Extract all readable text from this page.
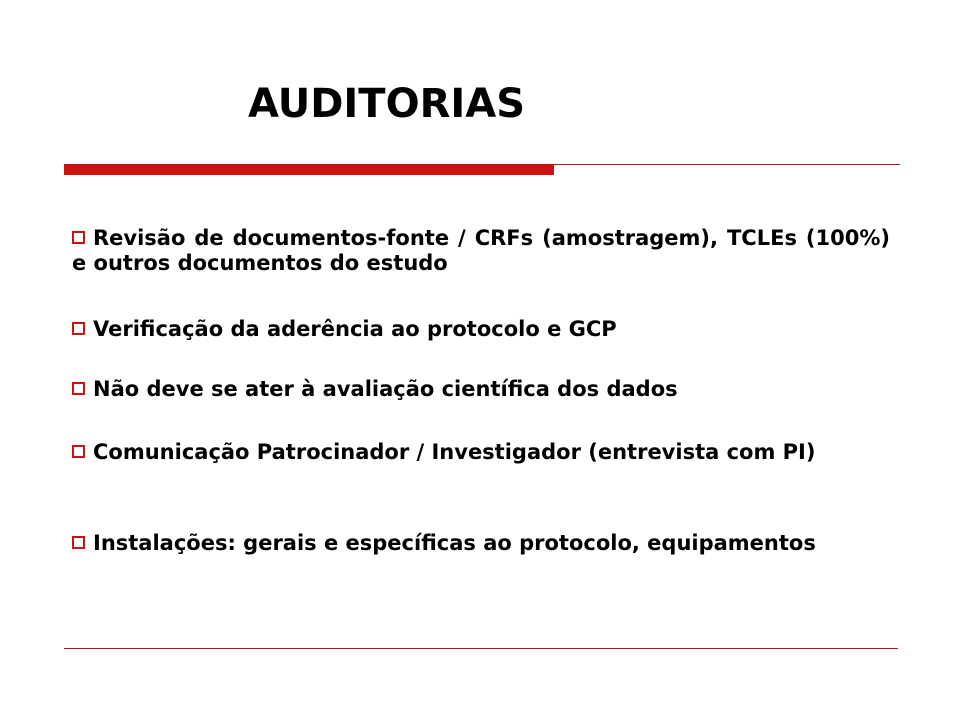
AUDITORIAS
Revisão de documentos-fonte / CRFs (amostragem), TCLEs (100%) e outros documentos do estudo
Verificação da aderência ao protocolo e GCP
Não deve se ater à avaliação científica dos dados
Comunicação Patrocinador / Investigador (entrevista com PI)
Instalações: gerais e específicas ao protocolo, equipamentos
